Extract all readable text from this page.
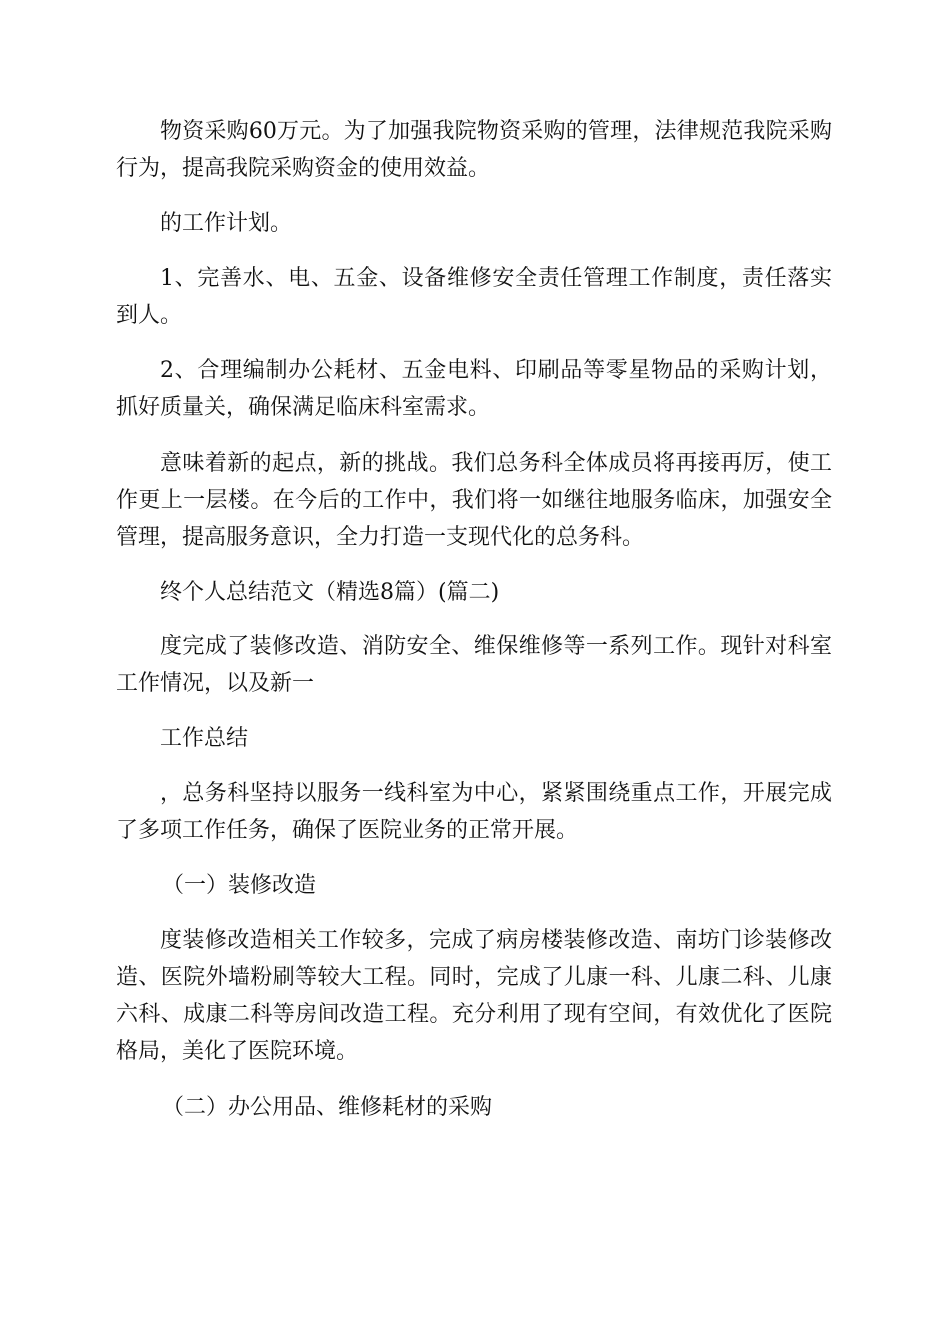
物资采购60万元。为了加强我院物资采购的管理，法律规范我院采购行为，提高我院采购资金的使用效益。

的工作计划。

1、完善水、电、五金、设备维修安全责任管理工作制度，责任落实到人。

2、合理编制办公耗材、五金电料、印刷品等零星物品的采购计划，抓好质量关，确保满足临床科室需求。

意味着新的起点，新的挑战。我们总务科全体成员将再接再厉，使工作更上一层楼。在今后的工作中，我们将一如继往地服务临床，加强安全管理，提高服务意识，全力打造一支现代化的总务科。

终个人总结范文（精选8篇）(篇二)

度完成了装修改造、消防安全、维保维修等一系列工作。现针对科室工作情况，以及新一

工作总结

，总务科坚持以服务一线科室为中心，紧紧围绕重点工作，开展完成了多项工作任务，确保了医院业务的正常开展。

（一）装修改造

度装修改造相关工作较多，完成了病房楼装修改造、南坊门诊装修改造、医院外墙粉刷等较大工程。同时，完成了儿康一科、儿康二科、儿康六科、成康二科等房间改造工程。充分利用了现有空间，有效优化了医院格局，美化了医院环境。

（二）办公用品、维修耗材的采购
